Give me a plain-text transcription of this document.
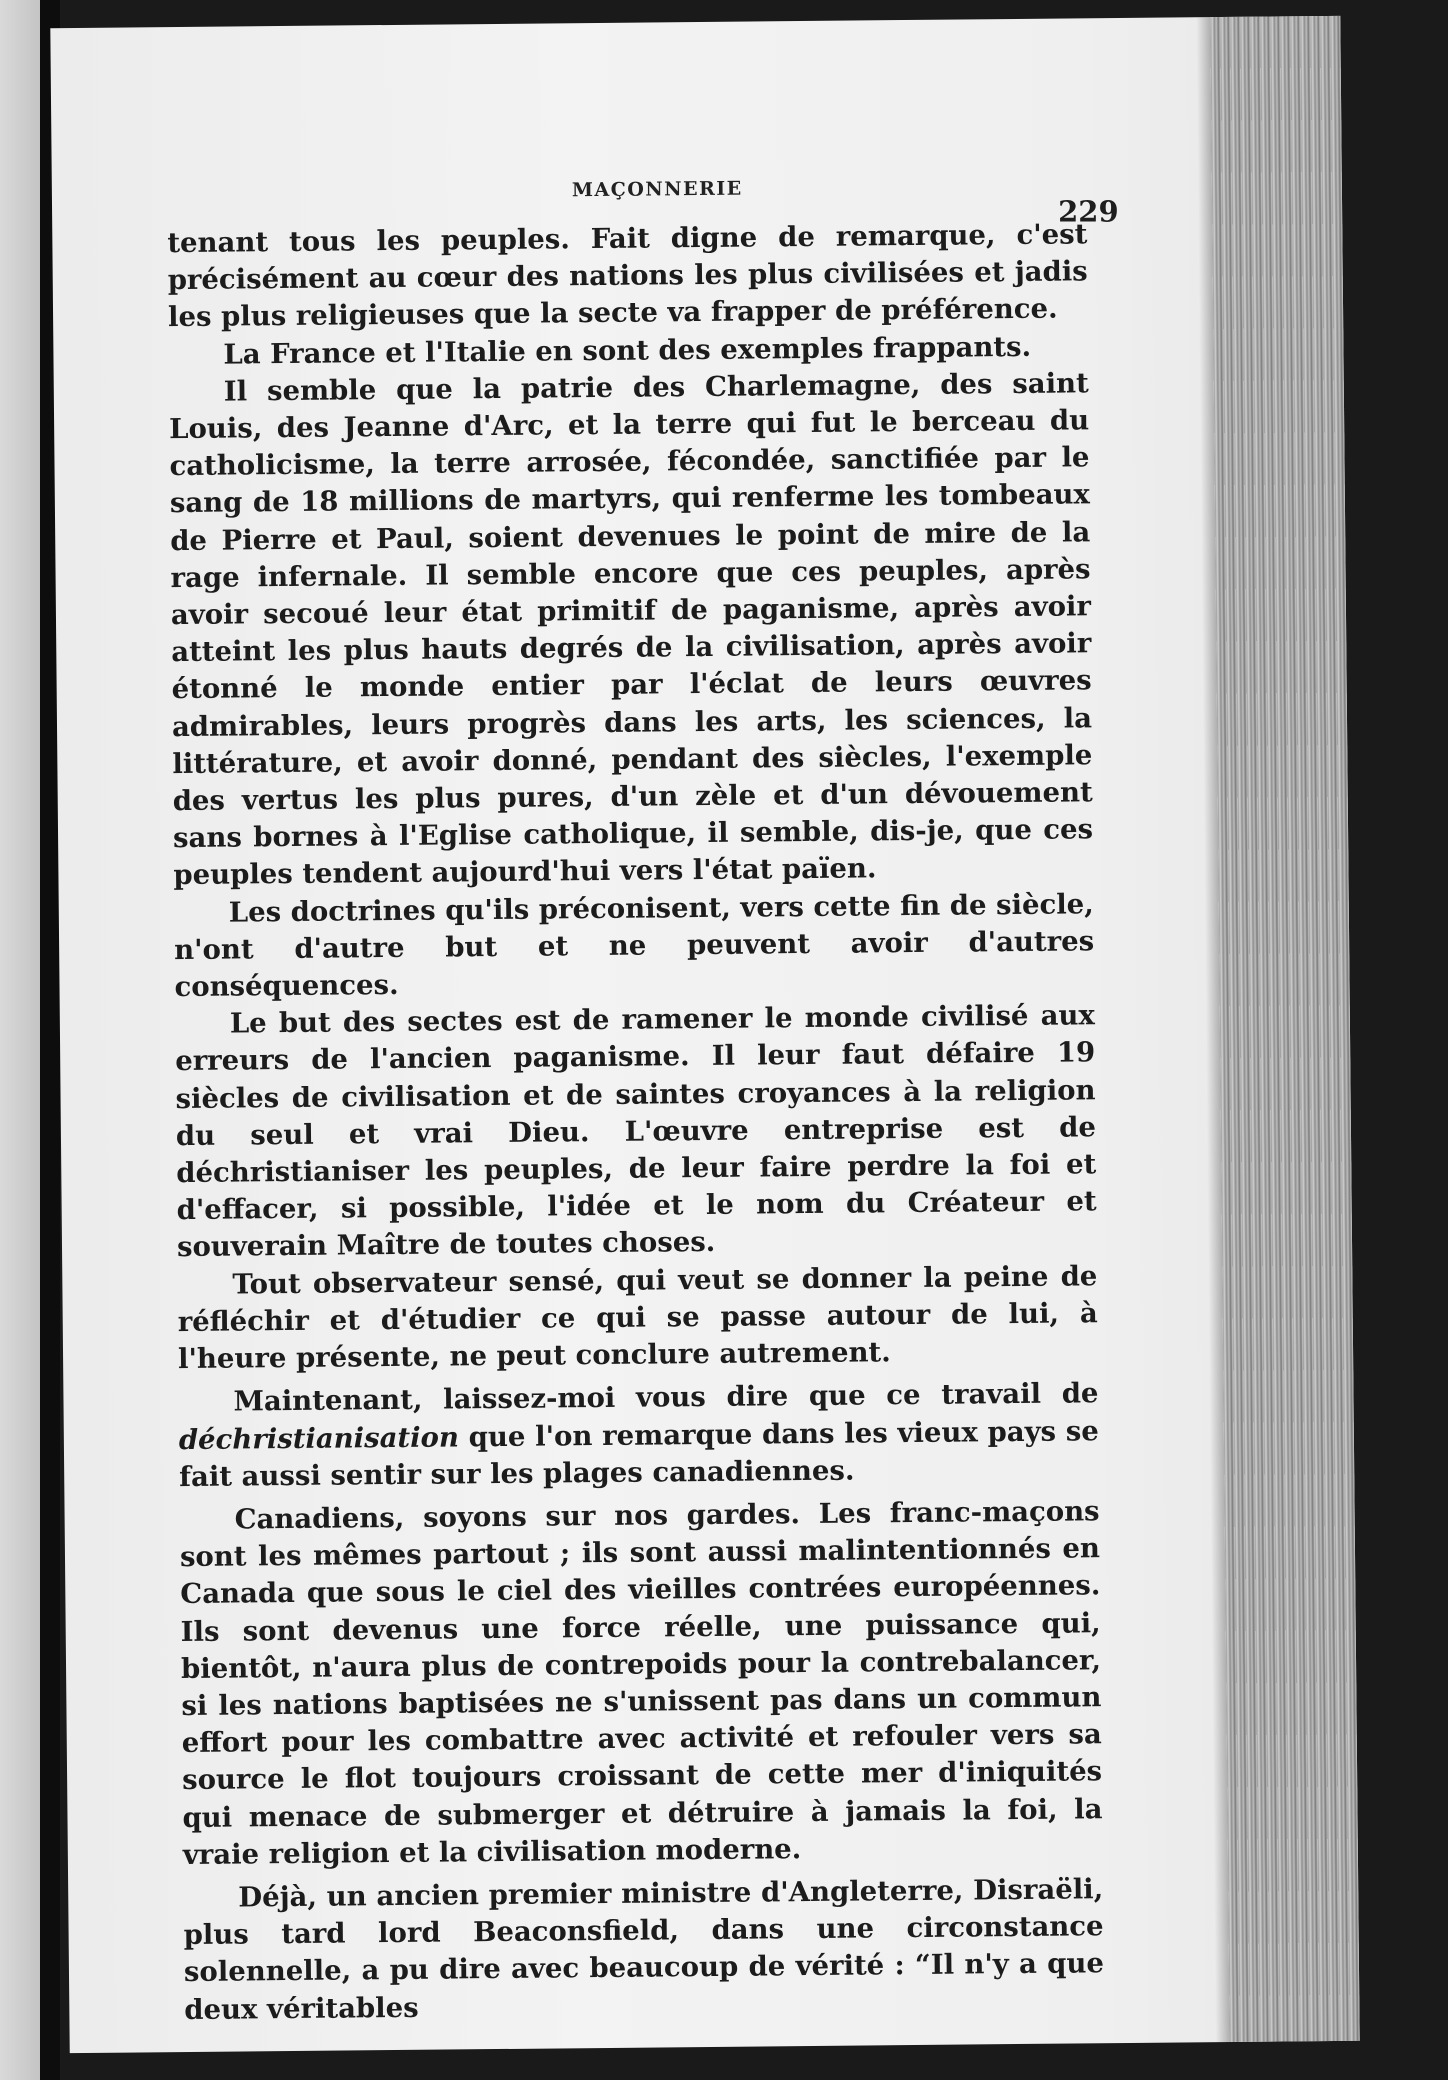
MAÇONNERIE
229

tenant tous les peuples. Fait digne de remarque, c'est précisément au cœur des nations les plus civilisées et jadis les plus religieuses que la secte va frapper de préférence.

La France et l'Italie en sont des exemples frappants.

Il semble que la patrie des Charlemagne, des saint Louis, des Jeanne d'Arc, et la terre qui fut le berceau du catholicisme, la terre arrosée, fécondée, sanctifiée par le sang de 18 millions de martyrs, qui renferme les tombeaux de Pierre et Paul, soient devenues le point de mire de la rage infernale. Il semble encore que ces peuples, après avoir secoué leur état primitif de paganisme, après avoir atteint les plus hauts degrés de la civilisation, après avoir étonné le monde entier par l'éclat de leurs œuvres admirables, leurs progrès dans les arts, les sciences, la littérature, et avoir donné, pendant des siècles, l'exemple des vertus les plus pures, d'un zèle et d'un dévouement sans bornes à l'Eglise catholique, il semble, dis-je, que ces peuples tendent aujourd'hui vers l'état païen.

Les doctrines qu'ils préconisent, vers cette fin de siècle, n'ont d'autre but et ne peuvent avoir d'autres conséquences.

Le but des sectes est de ramener le monde civilisé aux erreurs de l'ancien paganisme. Il leur faut défaire 19 siècles de civilisation et de saintes croyances à la religion du seul et vrai Dieu. L'œuvre entreprise est de déchristianiser les peuples, de leur faire perdre la foi et d'effacer, si possible, l'idée et le nom du Créateur et souverain Maître de toutes choses.

Tout observateur sensé, qui veut se donner la peine de réfléchir et d'étudier ce qui se passe autour de lui, à l'heure présente, ne peut conclure autrement.

Maintenant, laissez-moi vous dire que ce travail de déchristianisation que l'on remarque dans les vieux pays se fait aussi sentir sur les plages canadiennes.

Canadiens, soyons sur nos gardes. Les franc-maçons sont les mêmes partout ; ils sont aussi malintentionnés en Canada que sous le ciel des vieilles contrées européennes. Ils sont devenus une force réelle, une puissance qui, bientôt, n'aura plus de contrepoids pour la contrebalancer, si les nations baptisées ne s'unissent pas dans un commun effort pour les combattre avec activité et refouler vers sa source le flot toujours croissant de cette mer d'iniquités qui menace de submerger et détruire à jamais la foi, la vraie religion et la civilisation moderne.

Déjà, un ancien premier ministre d'Angleterre, Disraëli, plus tard lord Beaconsfield, dans une circonstance solennelle, a pu dire avec beaucoup de vérité : “Il n'y a que deux véritables
